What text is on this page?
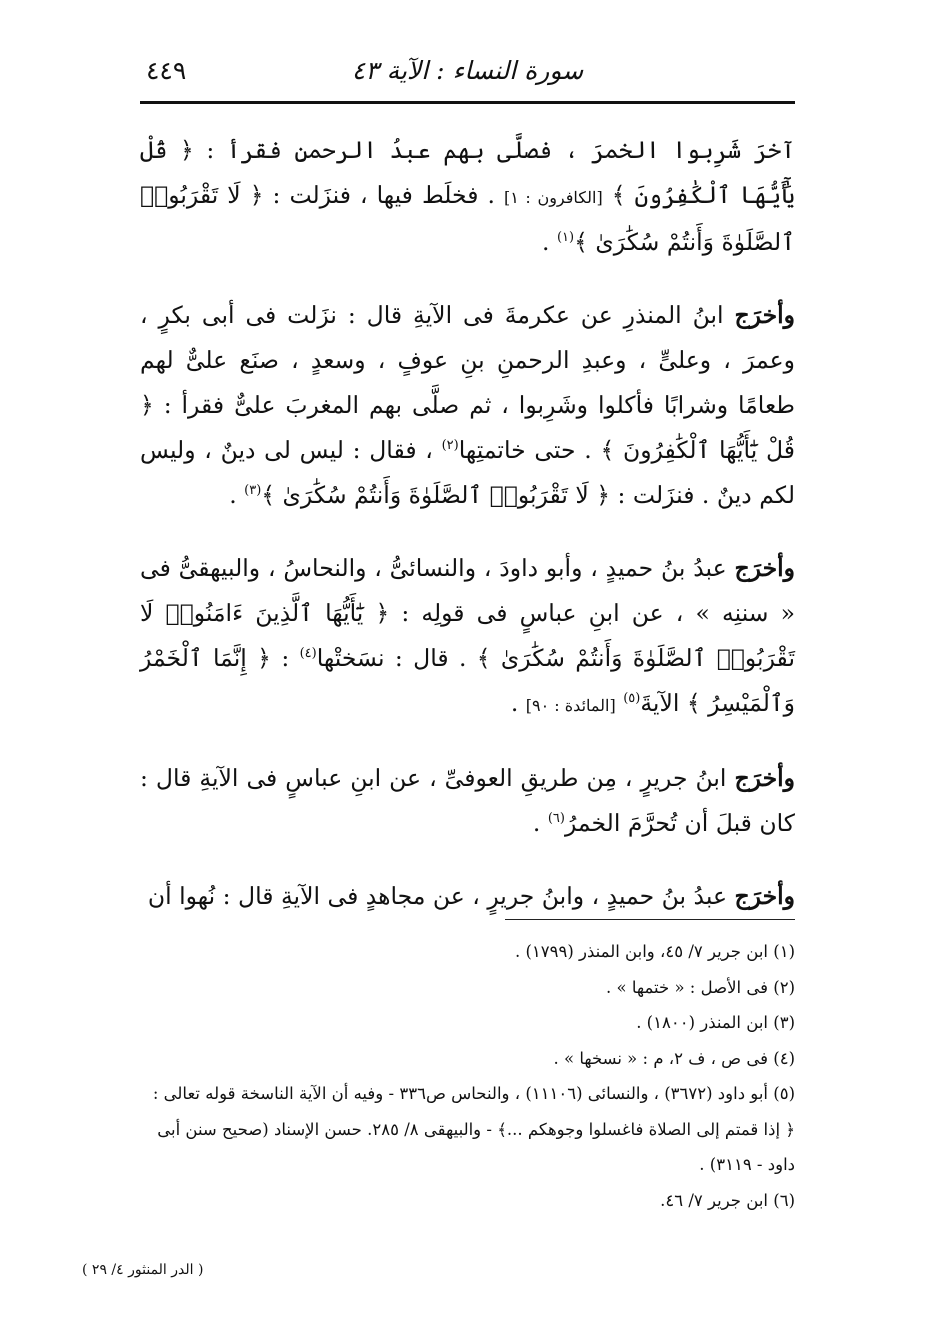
سورة النساء : الآية ٤٣
٤٤٩

آخرَ شَرِبوا الخمرَ ، فصلَّى بهم عبدُ الرحمنِ فقرأ : ﴿ قُلْ يَٰٓأَيُّهَا ٱلْكَٰفِرُونَ ﴾ [الكافرون : ١] . فخلَط فيها ، فنزَلت : ﴿ لَا تَقْرَبُوا۟ ٱلصَّلَوٰةَ وَأَنتُمْ سُكَٰرَىٰ ﴾$^{(١)}$ .

وأخرَج ابنُ المنذرِ عن عكرمةَ فى الآيةِ قال : نزَلت فى أبى بكرٍ ، وعمرَ ، وعلىٍّ ، وعبدِ الرحمنِ بنِ عوفٍ ، وسعدٍ ، صنَع علىٌّ لهم طعامًا وشرابًا فأكلوا وشَرِبوا ، ثم صلَّى بهم المغربَ علىٌّ فقرأ : ﴿ قُلْ يَٰٓأَيُّهَا ٱلْكَٰفِرُونَ ﴾ . حتى خاتمتِها$^{(٢)}$ ، فقال : ليس لى دينٌ ، وليس لكم دينٌ . فنزَلت : ﴿ لَا تَقْرَبُوا۟ ٱلصَّلَوٰةَ وَأَنتُمْ سُكَٰرَىٰ ﴾$^{(٣)}$ .

وأخرَج عبدُ بنُ حميدٍ ، وأبو داودَ ، والنسائىُّ ، والنحاسُ ، والبيهقىُّ فى « سننِه » ، عن ابنِ عباسٍ فى قولِه : ﴿ يَٰٓأَيُّهَا ٱلَّذِينَ ءَامَنُوا۟ لَا تَقْرَبُوا۟ ٱلصَّلَوٰةَ وَأَنتُمْ سُكَٰرَىٰ ﴾ . قال : نسَختْها$^{(٤)}$ : ﴿ إِنَّمَا ٱلْخَمْرُ وَٱلْمَيْسِرُ ﴾ الآيةَ$^{(٥)}$ [المائدة : ٩٠] .

وأخرَج ابنُ جريرٍ ، مِن طريقِ العوفىِّ ، عن ابنِ عباسٍ فى الآيةِ قال : كان قبلَ أن تُحرَّمَ الخمرُ$^{(٦)}$ .

وأخرَج عبدُ بنُ حميدٍ ، وابنُ جريرٍ ، عن مجاهدٍ فى الآيةِ قال : نُهوا أن

(١) ابن جرير ٧/ ٤٥، وابن المنذر (١٧٩٩) .
(٢) فى الأصل : « ختمها » .
(٣) ابن المنذر (١٨٠٠) .
(٤) فى ص ، ف ٢، م : « نسخها » .
(٥) أبو داود (٣٦٧٢) ، والنسائى (١١١٠٦) ، والنحاس ص٣٣٦ - وفيه أن الآية الناسخة قوله تعالى : ﴿ إذا قمتم إلى الصلاة فاغسلوا وجوهكم ...﴾ - والبيهقى ٨/ ٢٨٥. حسن الإسناد (صحيح سنن أبى داود - ٣١١٩) .
(٦) ابن جرير ٧/ ٤٦.
( الدر المنثور ٤/ ٢٩ )
